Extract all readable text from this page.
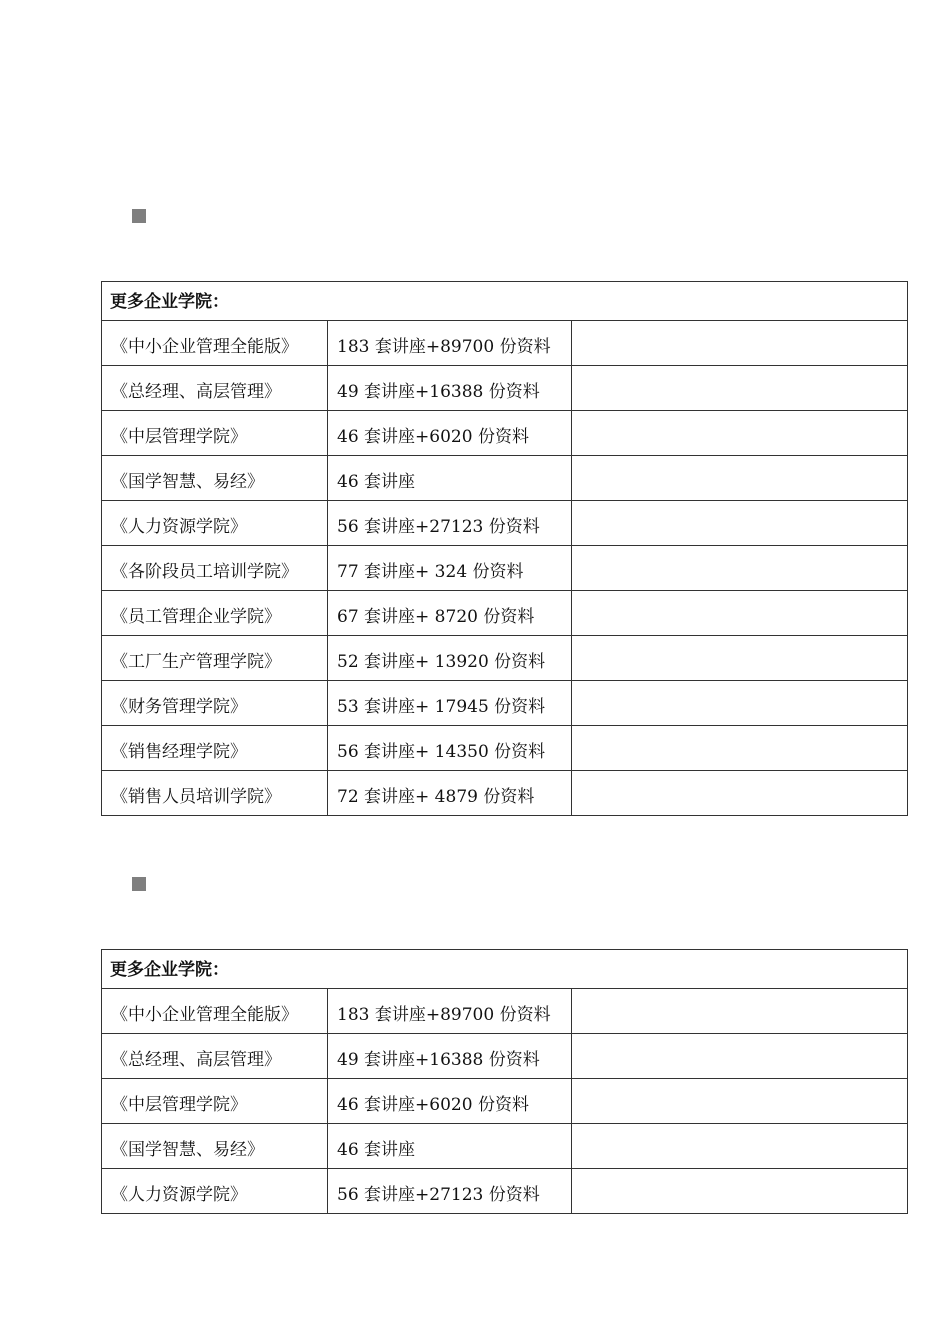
更多企业学院：		
《中小企业管理全能版》	183 套讲座+89700 份资料	
《总经理、高层管理》	49 套讲座+16388 份资料	
《中层管理学院》	46 套讲座+6020 份资料	
《国学智慧、易经》	46 套讲座	
《人力资源学院》	56 套讲座+27123 份资料	
《各阶段员工培训学院》	77 套讲座+ 324 份资料	
《员工管理企业学院》	67 套讲座+ 8720 份资料	
《工厂生产管理学院》	52 套讲座+ 13920 份资料	
《财务管理学院》	53 套讲座+ 17945 份资料	
《销售经理学院》	56 套讲座+ 14350 份资料	
《销售人员培训学院》	72 套讲座+ 4879 份资料	
更多企业学院：		
《中小企业管理全能版》	183 套讲座+89700 份资料	
《总经理、高层管理》	49 套讲座+16388 份资料	
《中层管理学院》	46 套讲座+6020 份资料	
《国学智慧、易经》	46 套讲座	
《人力资源学院》	56 套讲座+27123 份资料	
